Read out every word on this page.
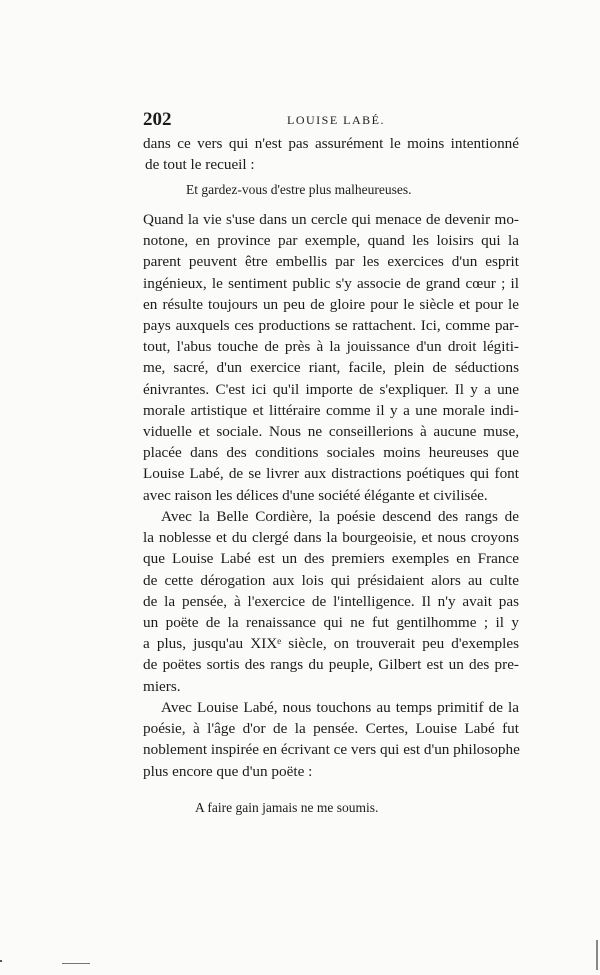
202	LOUISE LABÉ.
dans ce vers qui n'est pas assurément le moins intentionné
de tout le recueil :
Et gardez-vous d'estre plus malheureuses.
Quand la vie s'use dans un cercle qui menace de devenir mo-
notone, en province par exemple, quand les loisirs qui la
parent peuvent être embellis par les exercices d'un esprit
ingénieux, le sentiment public s'y associe de grand cœur ; il
en résulte toujours un peu de gloire pour le siècle et pour le
pays auxquels ces productions se rattachent. Ici, comme par-
tout, l'abus touche de près à la jouissance d'un droit légiti-
me, sacré, d'un exercice riant, facile, plein de séductions
énivrantes. C'est ici qu'il importe de s'expliquer. Il y a une
morale artistique et littéraire comme il y a une morale indi-
viduelle et sociale. Nous ne conseillerions à aucune muse,
placée dans des conditions sociales moins heureuses que
Louise Labé, de se livrer aux distractions poétiques qui font
avec raison les délices d'une société élégante et civilisée.
Avec la Belle Cordière, la poésie descend des rangs de
la noblesse et du clergé dans la bourgeoisie, et nous croyons
que Louise Labé est un des premiers exemples en France
de cette dérogation aux lois qui présidaient alors au culte
de la pensée, à l'exercice de l'intelligence. Il n'y avait pas
un poëte de la renaissance qui ne fut gentilhomme ; il y
a plus, jusqu'au XIXᵉ siècle, on trouverait peu d'exemples
de poëtes sortis des rangs du peuple, Gilbert est un des pre-
miers.
Avec Louise Labé, nous touchons au temps primitif de la
poésie, à l'âge d'or de la pensée. Certes, Louise Labé fut
noblement inspirée en écrivant ce vers qui est d'un philosophe
plus encore que d'un poëte :
A faire gain jamais ne me soumis.
